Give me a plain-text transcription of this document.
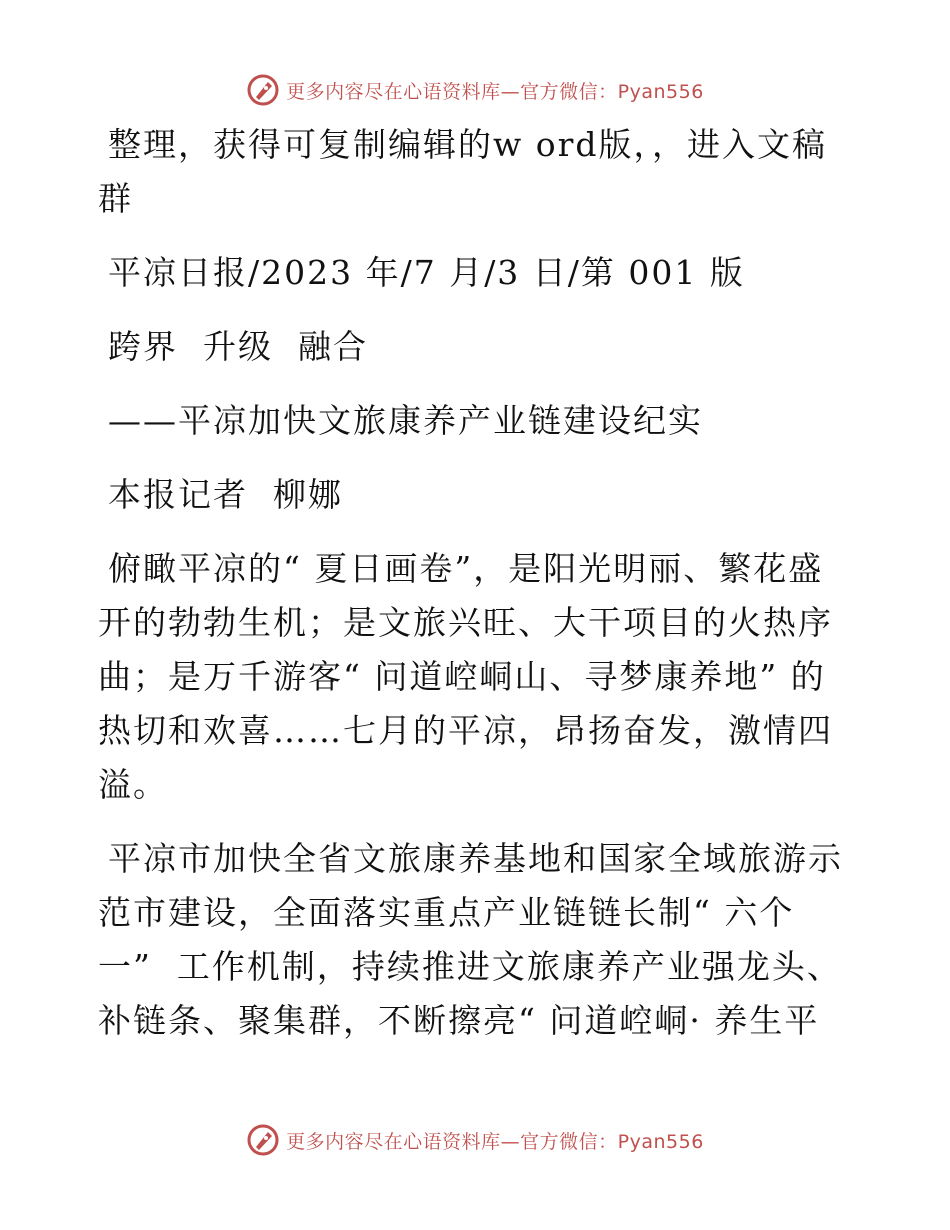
更多内容尽在心语资料库—官方微信：Pyan556

整理，获得可复制编辑的w ord版，，进入文稿

群

平凉日报/2023 年/7 月/3 日/第 001 版

跨界  升级  融合

——平凉加快文旅康养产业链建设纪实

本报记者  柳娜

俯瞰平凉的“ 夏日画卷”，是阳光明丽、繁花盛

开的勃勃生机；是文旅兴旺、大干项目的火热序

曲；是万千游客“ 问道崆峒山、寻梦康养地” 的

热切和欢喜……七月的平凉，昂扬奋发，激情四

溢。

平凉市加快全省文旅康养基地和国家全域旅游示

范市建设，全面落实重点产业链链长制“ 六个

一”  工作机制，持续推进文旅康养产业强龙头、

补链条、聚集群，不断擦亮“ 问道崆峒· 养生平

更多内容尽在心语资料库—官方微信：Pyan556
